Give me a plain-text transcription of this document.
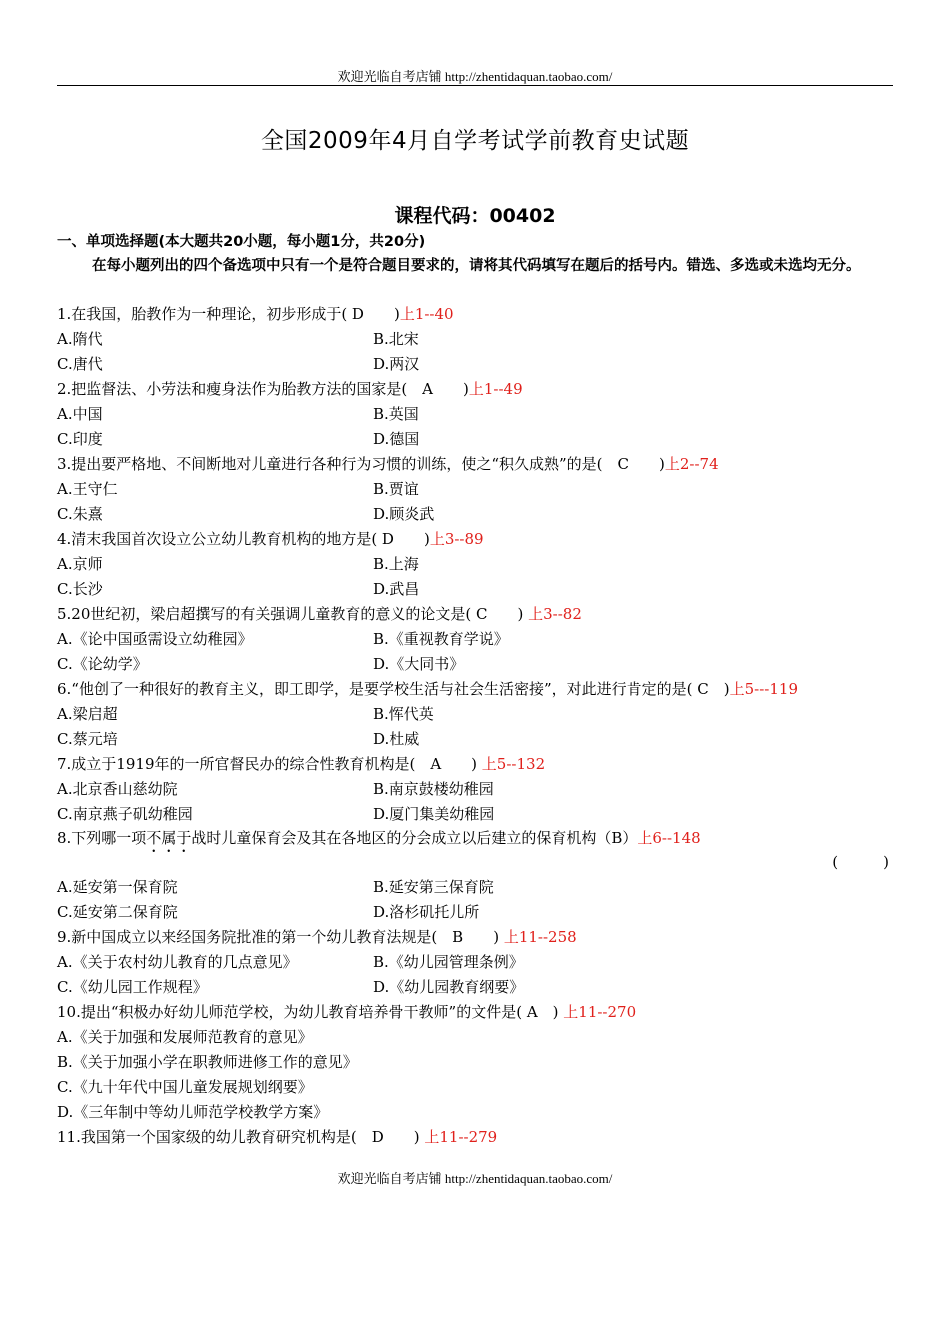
欢迎光临自考店铺 http://zhentidaquan.taobao.com/
全国2009年4月自学考试学前教育史试题
课程代码：00402
一、单项选择题(本大题共20小题，每小题1分，共20分)
在每小题列出的四个备选项中只有一个是符合题目要求的，请将其代码填写在题后的括号内。错选、多选或未选均无分。
1.在我国，胎教作为一种理论，初步形成于( D　　)上1--40
A.隋代	B.北宋
C.唐代	D.两汉
2.把监督法、小劳法和瘦身法作为胎教方法的国家是(　A　　)上1--49
A.中国	B.英国
C.印度	D.德国
3.提出要严格地、不间断地对儿童进行各种行为习惯的训练，使之“积久成熟”的是(　C　　)上2--74
A.王守仁	B.贾谊
C.朱熹	D.顾炎武
4.清末我国首次设立公立幼儿教育机构的地方是( D　　)上3--89
A.京师	B.上海
C.长沙	D.武昌
5.20世纪初，梁启超撰写的有关强调儿童教育的意义的论文是( C　　) 上3--82
A.《论中国亟需设立幼稚园》	B.《重视教育学说》
C.《论幼学》	D.《大同书》
6.“他创了一种很好的教育主义，即工即学，是要学校生活与社会生活密接”，对此进行肯定的是( C　)上5---119
A.梁启超	B.恽代英
C.蔡元培	D.杜威
7.成立于1919年的一所官督民办的综合性教育机构是(　A　　) 上5--132
A.北京香山慈幼院	B.南京鼓楼幼稚园
C.南京燕子矶幼稚园	D.厦门集美幼稚园
8.下列哪一项不属于战时儿童保育会及其在各地区的分会成立以后建立的保育机构（B）上6--148
(　　　)
A.延安第一保育院	B.延安第三保育院
C.延安第二保育院	D.洛杉矶托儿所
9.新中国成立以来经国务院批准的第一个幼儿教育法规是(　B　　) 上11--258
A.《关于农村幼儿教育的几点意见》	B.《幼儿园管理条例》
C.《幼儿园工作规程》	D.《幼儿园教育纲要》
10.提出“积极办好幼儿师范学校，为幼儿教育培养骨干教师”的文件是( A　) 上11--270
A.《关于加强和发展师范教育的意见》
B.《关于加强小学在职教师进修工作的意见》
C.《九十年代中国儿童发展规划纲要》
D.《三年制中等幼儿师范学校教学方案》
11.我国第一个国家级的幼儿教育研究机构是(　D　　) 上11--279
欢迎光临自考店铺 http://zhentidaquan.taobao.com/
